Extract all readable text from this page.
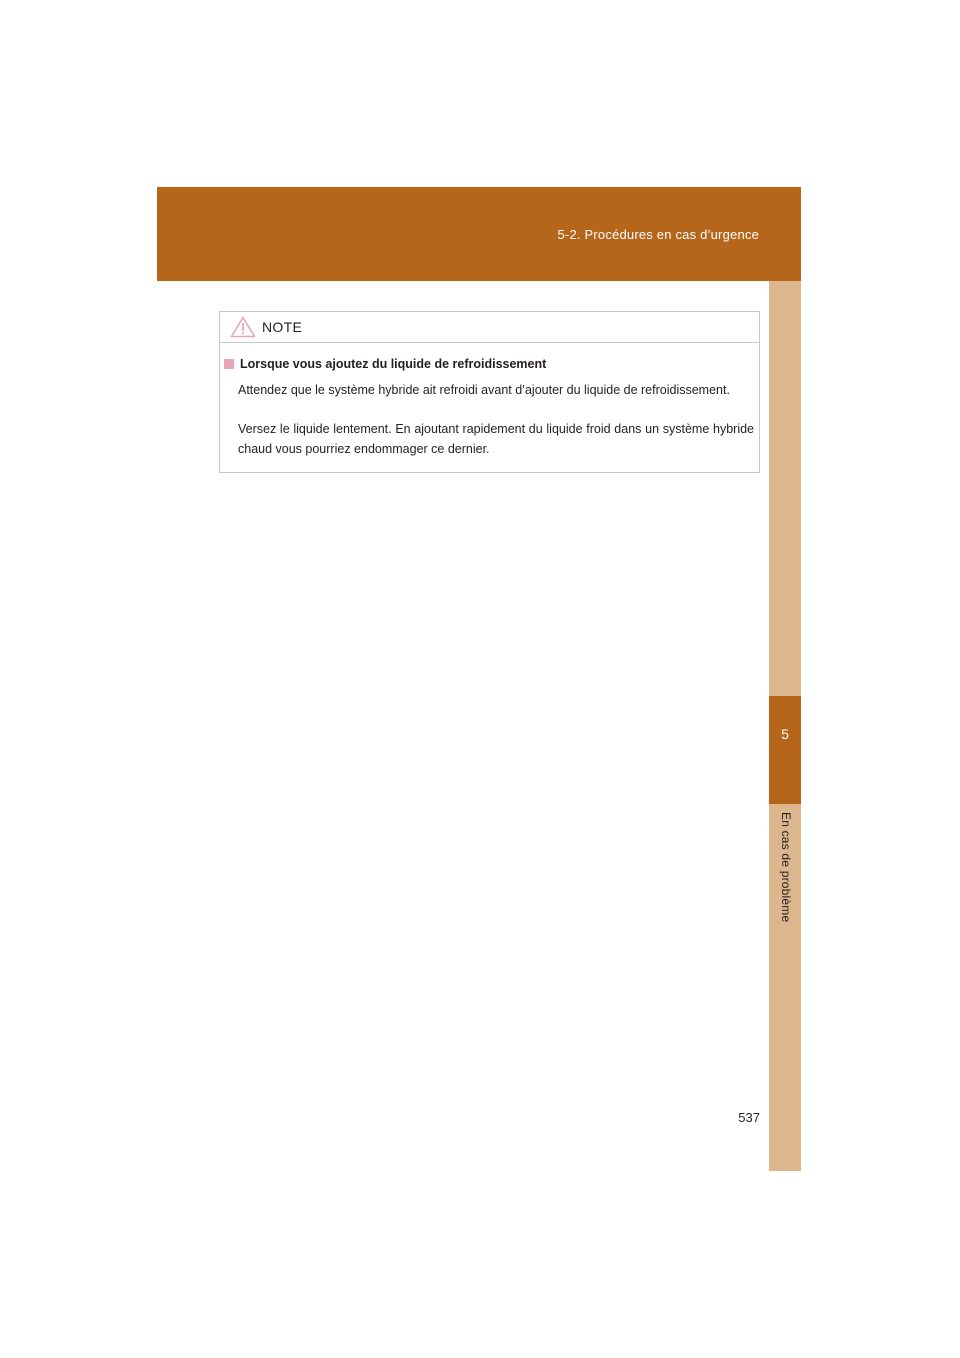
5-2. Procédures en cas d’urgence
5
En cas de problème
NOTE
Lorsque vous ajoutez du liquide de refroidissement
Attendez que le système hybride ait refroidi avant d’ajouter du liquide de refroidissement.
Versez le liquide lentement. En ajoutant rapidement du liquide froid dans un système hybride chaud vous pourriez endommager ce dernier.
537
